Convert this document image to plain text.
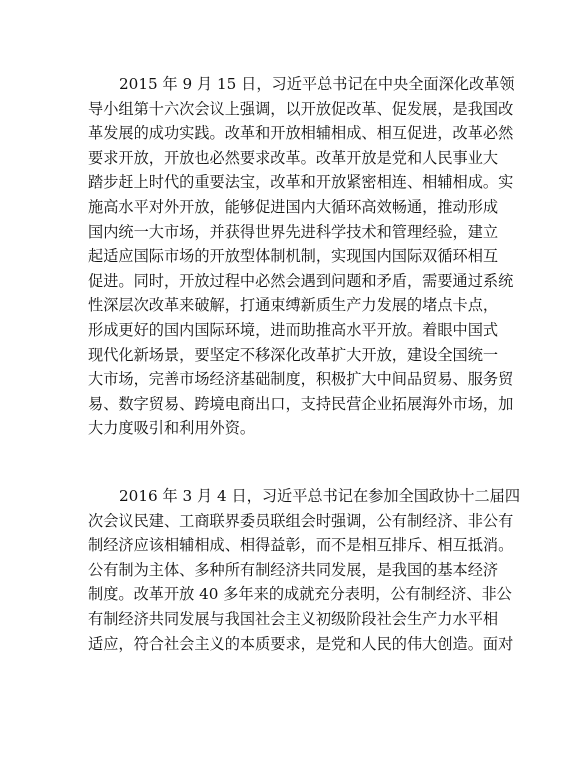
2015 年 9 月 15 日，习近平总书记在中央全面深化改革领
导小组第十六次会议上强调，以开放促改革、促发展，是我国改
革发展的成功实践。改革和开放相辅相成、相互促进，改革必然
要求开放，开放也必然要求改革。改革开放是党和人民事业大
踏步赶上时代的重要法宝，改革和开放紧密相连、相辅相成。实
施高水平对外开放，能够促进国内大循环高效畅通，推动形成
国内统一大市场，并获得世界先进科学技术和管理经验，建立
起适应国际市场的开放型体制机制，实现国内国际双循环相互
促进。同时，开放过程中必然会遇到问题和矛盾，需要通过系统
性深层次改革来破解，打通束缚新质生产力发展的堵点卡点，
形成更好的国内国际环境，进而助推高水平开放。着眼中国式
现代化新场景，要坚定不移深化改革扩大开放，建设全国统一
大市场，完善市场经济基础制度，积极扩大中间品贸易、服务贸
易、数字贸易、跨境电商出口，支持民营企业拓展海外市场，加
大力度吸引和利用外资。
2016 年 3 月 4 日，习近平总书记在参加全国政协十二届四
次会议民建、工商联界委员联组会时强调，公有制经济、非公有
制经济应该相辅相成、相得益彰，而不是相互排斥、相互抵消。
公有制为主体、多种所有制经济共同发展，是我国的基本经济
制度。改革开放 40 多年来的成就充分表明，公有制经济、非公
有制经济共同发展与我国社会主义初级阶段社会生产力水平相
适应，符合社会主义的本质要求，是党和人民的伟大创造。面对
